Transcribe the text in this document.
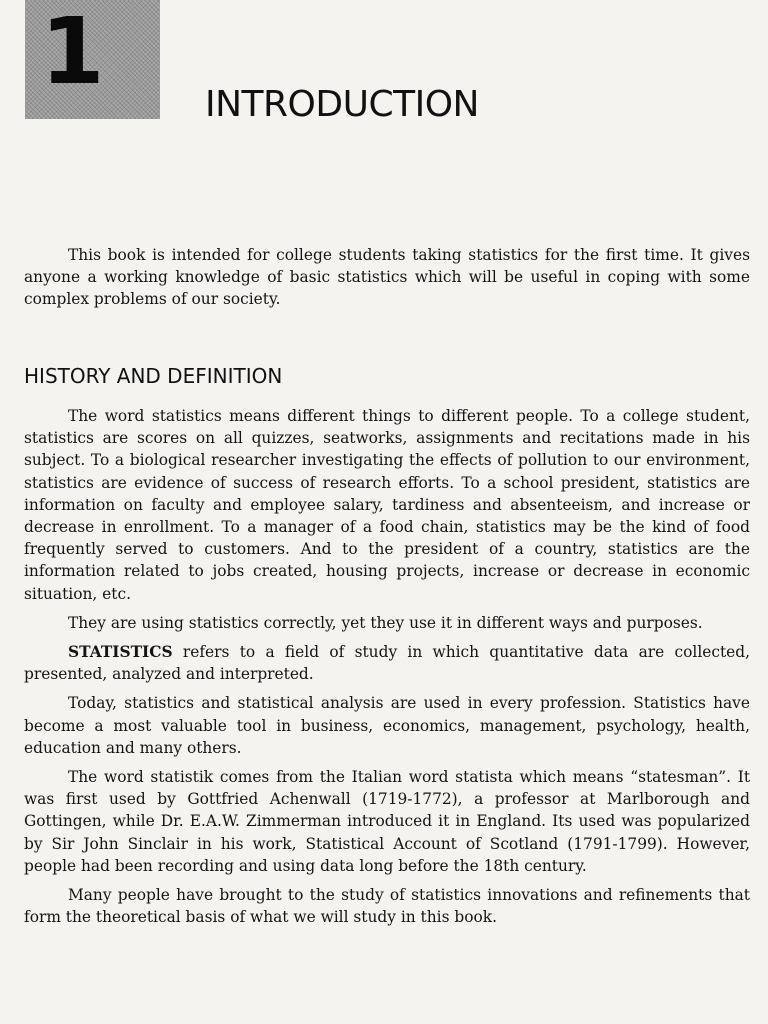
1	INTRODUCTION

This book is intended for college students taking statistics for the first time. It gives anyone a working knowledge of basic statistics which will be useful in coping with some complex problems of our society.

HISTORY AND DEFINITION

The word statistics means different things to different people. To a college student, statistics are scores on all quizzes, seatworks, assignments and recitations made in his subject. To a biological researcher investigating the effects of pollution to our environment, statistics are evidence of success of research efforts. To a school president, statistics are information on faculty and employee salary, tardiness and absenteeism, and increase or decrease in enrollment. To a manager of a food chain, statistics may be the kind of food frequently served to customers. And to the president of a country, statistics are the information related to jobs created, housing projects, increase or decrease in economic situation, etc.

They are using statistics correctly, yet they use it in different ways and purposes.

STATISTICS refers to a field of study in which quantitative data are collected, presented, analyzed and interpreted.

Today, statistics and statistical analysis are used in every profession. Statistics have become a most valuable tool in business, economics, management, psychology, health, education and many others.

The word statistik comes from the Italian word statista which means “statesman”. It was first used by Gottfried Achenwall (1719-1772), a professor at Marlborough and Gottingen, while Dr. E.A.W. Zimmerman introduced it in England. Its used was popularized by Sir John Sinclair in his work, Statistical Account of Scotland (1791-1799). However, people had been recording and using data long before the 18th century.

Many people have brought to the study of statistics innovations and refinements that form the theoretical basis of what we will study in this book.
